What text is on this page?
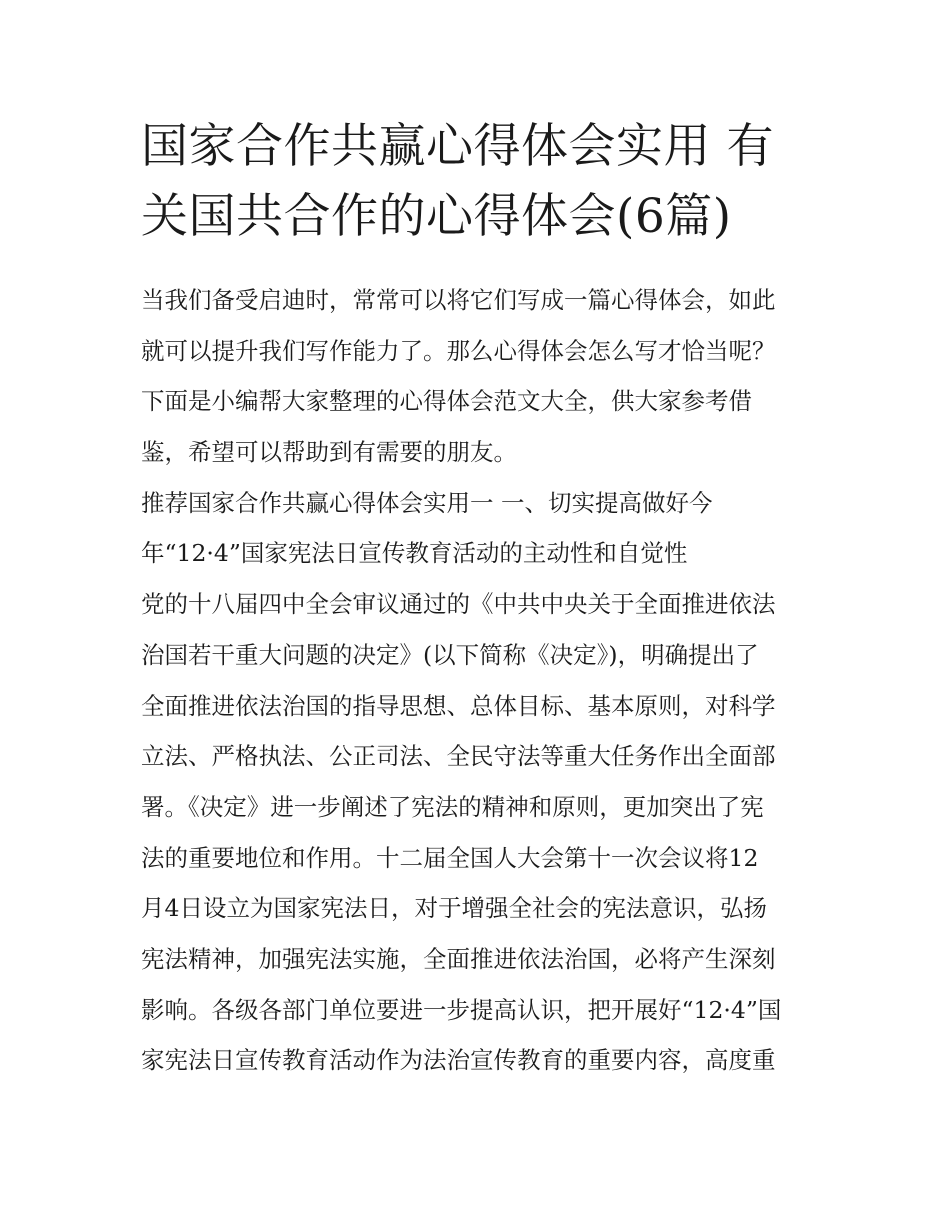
国家合作共赢心得体会实用 有
关国共合作的心得体会(6篇)
当我们备受启迪时，常常可以将它们写成一篇心得体会，如此
就可以提升我们写作能力了。那么心得体会怎么写才恰当呢？
下面是小编帮大家整理的心得体会范文大全，供大家参考借
鉴，希望可以帮助到有需要的朋友。
推荐国家合作共赢心得体会实用一 一、切实提高做好今
年“12·4”国家宪法日宣传教育活动的主动性和自觉性
党的十八届四中全会审议通过的《中共中央关于全面推进依法
治国若干重大问题的决定》(以下简称《决定》)，明确提出了
全面推进依法治国的指导思想、总体目标、基本原则，对科学
立法、严格执法、公正司法、全民守法等重大任务作出全面部
署。《决定》进一步阐述了宪法的精神和原则，更加突出了宪
法的重要地位和作用。十二届全国人大会第十一次会议将12
月4日设立为国家宪法日，对于增强全社会的宪法意识，弘扬
宪法精神，加强宪法实施，全面推进依法治国，必将产生深刻
影响。各级各部门单位要进一步提高认识，把开展好“12·4”国
家宪法日宣传教育活动作为法治宣传教育的重要内容，高度重
